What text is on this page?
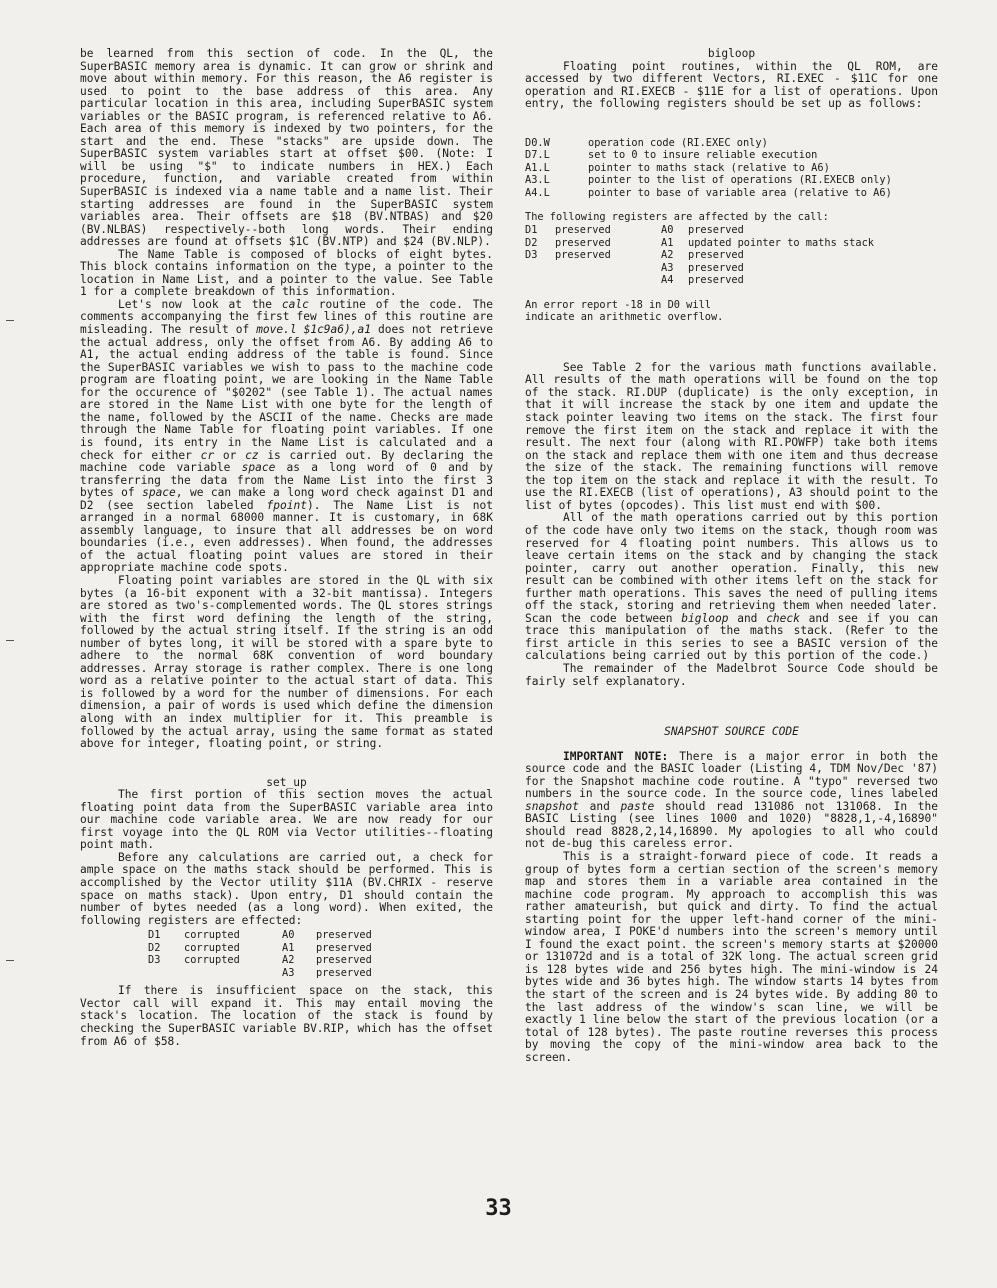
be learned from this section of code. In the QL, the SuperBASIC memory area is dynamic. It can grow or shrink and move about within memory. For this reason, the A6 register is used to point to the base address of this area. Any particular location in this area, including SuperBASIC system variables or the BASIC program, is referenced relative to A6. Each area of this memory is indexed by two pointers, for the start and the end. These "stacks" are upside down. The SuperBASIC system variables start at offset $00. (Note: I will be using "$" to indicate numbers in HEX.) Each procedure, function, and variable created from within SuperBASIC is indexed via a name table and a name list. Their starting addresses are found in the SuperBASIC system variables area. Their offsets are $18 (BV.NTBAS) and $20 (BV.NLBAS) respectively--both long words. Their ending addresses are found at offsets $1C (BV.NTP) and $24 (BV.NLP).

The Name Table is composed of blocks of eight bytes. This block contains information on the type, a pointer to the location in Name List, and a pointer to the value. See Table 1 for a complete breakdown of this information.

Let's now look at the calc routine of the code. The comments accompanying the first few lines of this routine are misleading. The result of move.l $1c9a6),a1 does not retrieve the actual address, only the offset from A6. By adding A6 to A1, the actual ending address of the table is found. Since the SuperBASIC variables we wish to pass to the machine code program are floating point, we are looking in the Name Table for the occurence of "$0202" (see Table 1). The actual names are stored in the Name List with one byte for the length of the name, followed by the ASCII of the name. Checks are made through the Name Table for floating point variables. If one is found, its entry in the Name List is calculated and a check for either cr or cz is carried out. By declaring the machine code variable space as a long word of 0 and by transferring the data from the Name List into the first 3 bytes of space, we can make a long word check against D1 and D2 (see section labeled fpoint). The Name List is not arranged in a normal 68000 manner. It is customary, in 68K assembly language, to insure that all addresses be on word boundaries (i.e., even addresses). When found, the addresses of the actual floating point values are stored in their appropriate machine code spots.

Floating point variables are stored in the QL with six bytes (a 16-bit exponent with a 32-bit mantissa). Integers are stored as two's-complemented words. The QL stores strings with the first word defining the length of the string, followed by the actual string itself. If the string is an odd number of bytes long, it will be stored with a spare byte to adhere to the normal 68K convention of word boundary addresses. Array storage is rather complex. There is one long word as a relative pointer to the actual start of data. This is followed by a word for the number of dimensions. For each dimension, a pair of words is used which define the dimension along with an index multiplier for it. This preamble is followed by the actual array, using the same format as stated above for integer, floating point, or string.

set_up

The first portion of this section moves the actual floating point data from the SuperBASIC variable area into our machine code variable area. We are now ready for our first voyage into the QL ROM via Vector utilities--floating point math.

Before any calculations are carried out, a check for ample space on the maths stack should be performed. This is accomplished by the Vector utility $11A (BV.CHRIX - reserve space on maths stack). Upon entry, D1 should contain the number of bytes needed (as a long word). When exited, the following registers are effected:

D1	corrupted	A0	preserved
D2	corrupted	A1	preserved
D3	corrupted	A2	preserved
		A3	preserved

If there is insufficient space on the stack, this Vector call will expand it. This may entail moving the stack's location. The location of the stack is found by checking the SuperBASIC variable BV.RIP, which has the offset from A6 of $58.

bigloop

Floating point routines, within the QL ROM, are accessed by two different Vectors, RI.EXEC - $11C for one operation and RI.EXECB - $11E for a list of operations. Upon entry, the following registers should be set up as follows:

D0.W	operation code (RI.EXEC only)
D7.L	set to 0 to insure reliable execution
A1.L	pointer to maths stack (relative to A6)
A3.L	pointer to the list of operations (RI.EXECB only)
A4.L	pointer to base of variable area (relative to A6)
The following registers are affected by the call:
D1	preserved	A0	preserved
D2	preserved	A1	updated pointer to maths stack
D3	preserved	A2	preserved
		A3	preserved
		A4	preserved
An error report -18 in D0 will
indicate an arithmetic overflow.

See Table 2 for the various math functions available. All results of the math operations will be found on the top of the stack. RI.DUP (duplicate) is the only exception, in that it will increase the stack by one item and update the stack pointer leaving two items on the stack. The first four remove the first item on the stack and replace it with the result. The next four (along with RI.POWFP) take both items on the stack and replace them with one item and thus decrease the size of the stack. The remaining functions will remove the top item on the stack and replace it with the result. To use the RI.EXECB (list of operations), A3 should point to the list of bytes (opcodes). This list must end with $00.

All of the math operations carried out by this portion of the code have only two items on the stack, though room was reserved for 4 floating point numbers. This allows us to leave certain items on the stack and by changing the stack pointer, carry out another operation. Finally, this new result can be combined with other items left on the stack for further math operations. This saves the need of pulling items off the stack, storing and retrieving them when needed later. Scan the code between bigloop and check and see if you can trace this manipulation of the maths stack. (Refer to the first article in this series to see a BASIC version of the calculations being carried out by this portion of the code.)

The remainder of the Madelbrot Source Code should be fairly self explanatory.

SNAPSHOT SOURCE CODE

IMPORTANT NOTE: There is a major error in both the source code and the BASIC loader (Listing 4, TDM Nov/Dec '87) for the Snapshot machine code routine. A "typo" reversed two numbers in the source code. In the source code, lines labeled snapshot and paste should read 131086 not 131068. In the BASIC Listing (see lines 1000 and 1020) "8828,1,-4,16890" should read 8828,2,14,16890. My apologies to all who could not de-bug this careless error.

This is a straight-forward piece of code. It reads a group of bytes form a certian section of the screen's memory map and stores them in a variable area contained in the machine code program. My approach to accomplish this was rather amateurish, but quick and dirty. To find the actual starting point for the upper left-hand corner of the mini-window area, I POKE'd numbers into the screen's memory until I found the exact point. the screen's memory starts at $20000 or 131072d and is a total of 32K long. The actual screen grid is 128 bytes wide and 256 bytes high. The mini-window is 24 bytes wide and 36 bytes high. The window starts 14 bytes from the start of the screen and is 24 bytes wide. By adding 80 to the last address of the window's scan line, we will be exactly 1 line below the start of the previous location (or a total of 128 bytes). The paste routine reverses this process by moving the copy of the mini-window area back to the screen.

33
